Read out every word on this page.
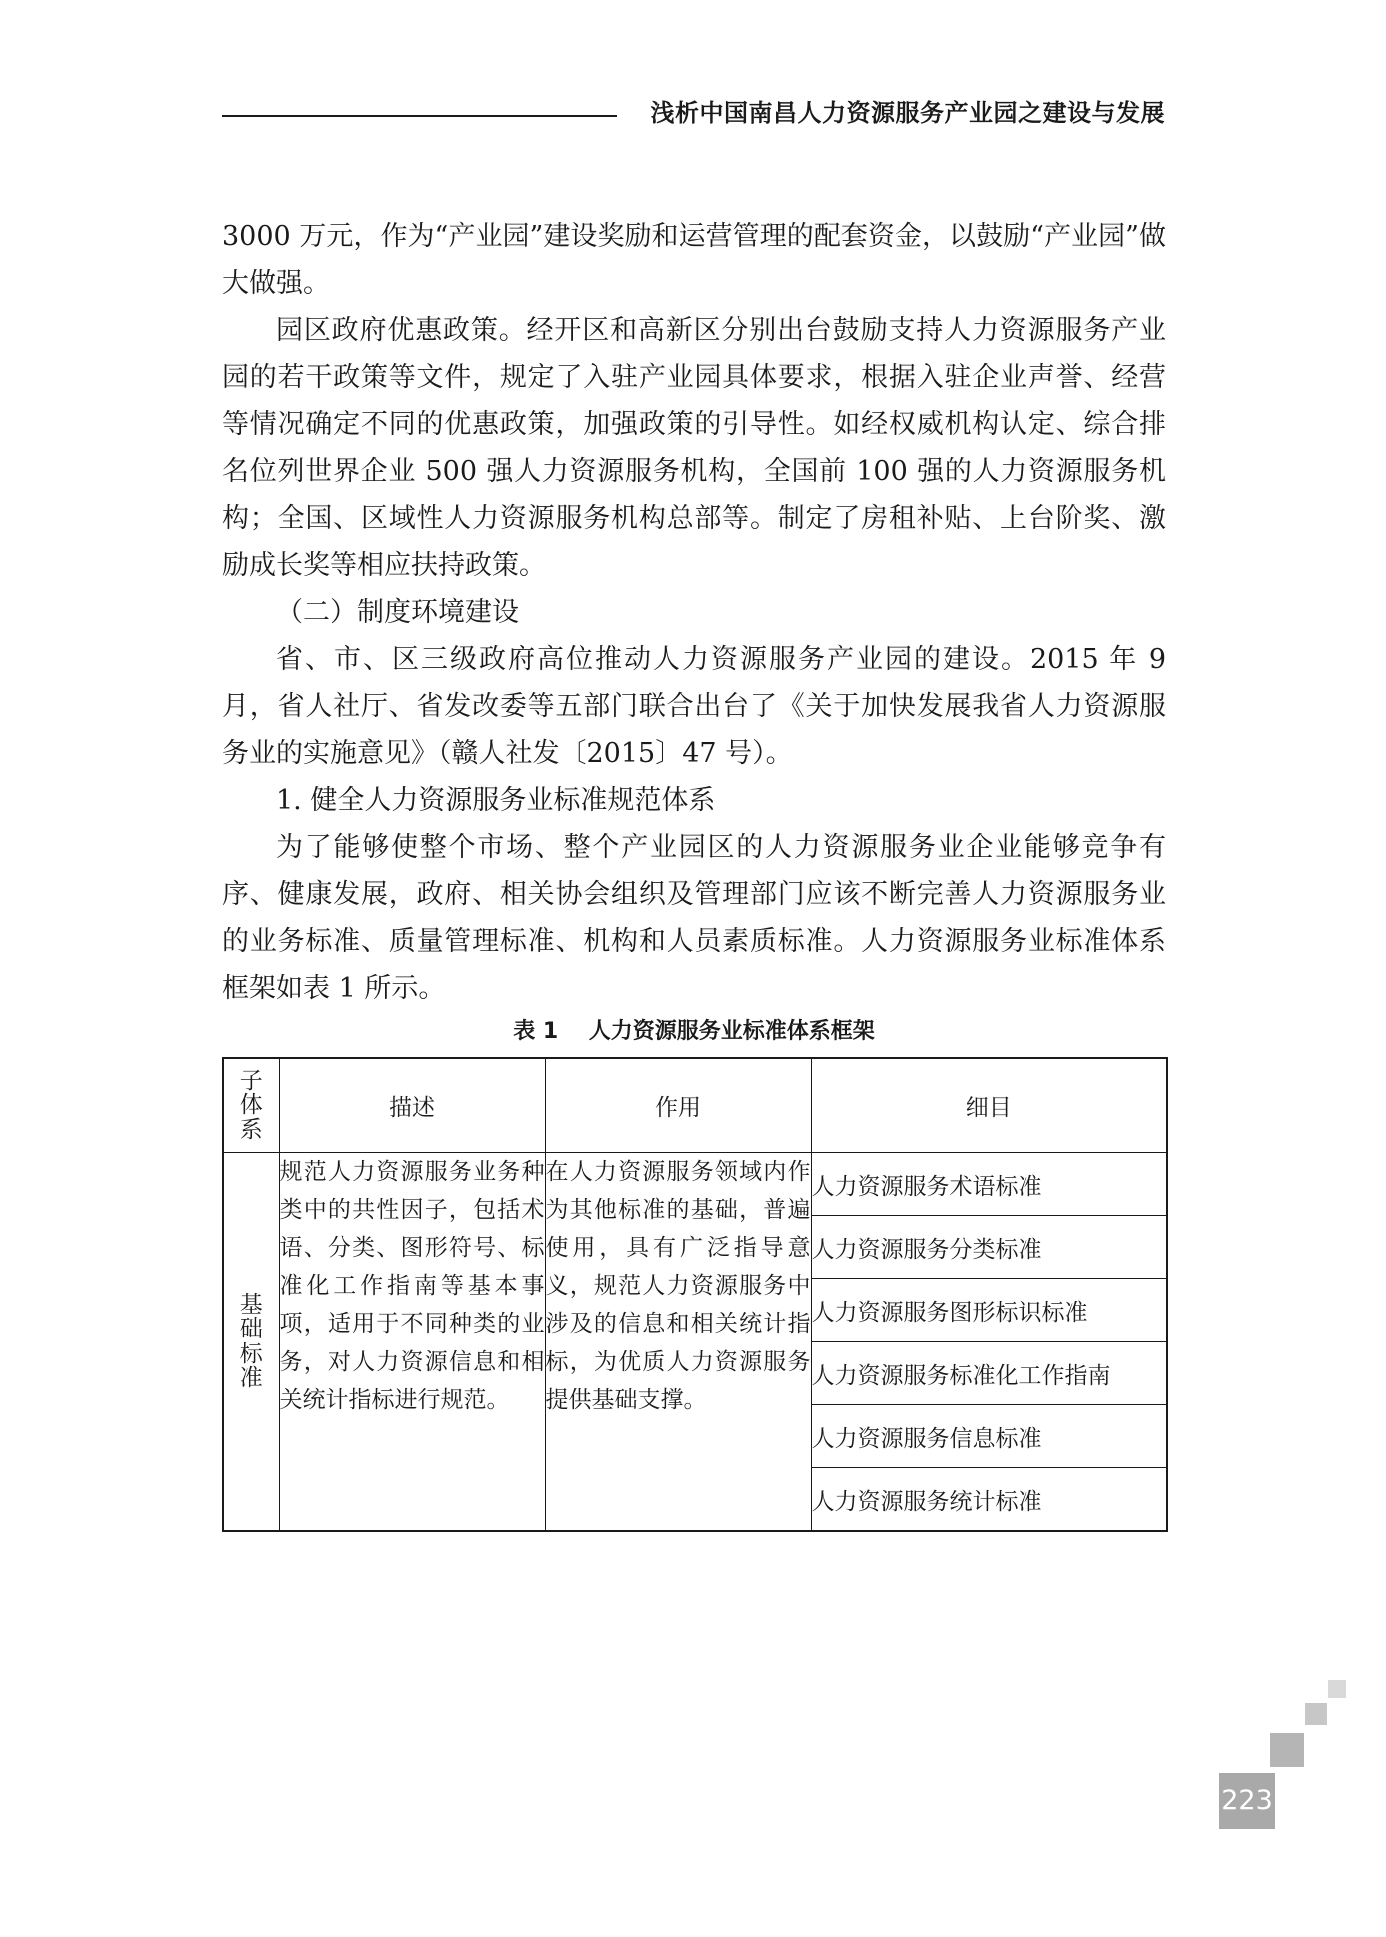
浅析中国南昌人力资源服务产业园之建设与发展

3000 万元，作为“产业园”建设奖励和运营管理的配套资金，以鼓励“产业园”做大做强。

园区政府优惠政策。经开区和高新区分别出台鼓励支持人力资源服务产业园的若干政策等文件，规定了入驻产业园具体要求，根据入驻企业声誉、经营等情况确定不同的优惠政策，加强政策的引导性。如经权威机构认定、综合排名位列世界企业 500 强人力资源服务机构，全国前 100 强的人力资源服务机构；全国、区域性人力资源服务机构总部等。制定了房租补贴、上台阶奖、激励成长奖等相应扶持政策。

（二）制度环境建设

省、市、区三级政府高位推动人力资源服务产业园的建设。2015 年 9 月，省人社厅、省发改委等五部门联合出台了《关于加快发展我省人力资源服务业的实施意见》（赣人社发〔2015〕47 号）。

1. 健全人力资源服务业标准规范体系

为了能够使整个市场、整个产业园区的人力资源服务业企业能够竞争有序、健康发展，政府、相关协会组织及管理部门应该不断完善人力资源服务业的业务标准、质量管理标准、机构和人员素质标准。人力资源服务业标准体系框架如表 1 所示。

表 1    人力资源服务业标准体系框架
子体系	描述	作用	细目

基础标准	规范人力资源服务业务种类中的共性因子，包括术语、分类、图形符号、标准化工作指南等基本事项，适用于不同种类的业务，对人力资源信息和相关统计指标进行规范。	在人力资源服务领域内作为其他标准的基础，普遍使用，具有广泛指导意义，规范人力资源服务中涉及的信息和相关统计指标，为优质人力资源服务提供基础支撑。	人力资源服务术语标准
			人力资源服务分类标准
			人力资源服务图形标识标准
			人力资源服务标准化工作指南
			人力资源服务信息标准
			人力资源服务统计标准
223
